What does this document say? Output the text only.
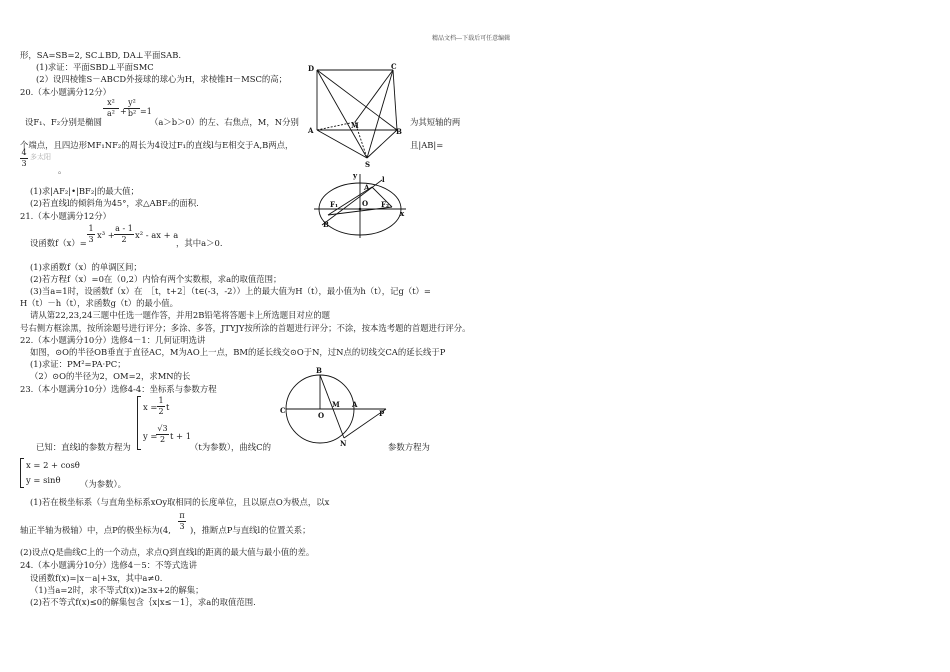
精品文档---下载后可任意编辑
形，SA=SB=2, SC⊥BD, DA⊥平面SAB.
(1)求证：平面SBD⊥平面SMC
(2）设四棱锥S－ABCD外接球的球心为H，求棱锥H－MSC的高；
20.（本小题满分12分）
设F₁、F₂分别是椭圆
x²
a² +
y²
b² =1
（a＞b＞0）的左、右焦点，M，N分别	为其短轴的两
个端点，且四边形MF₁NF₂的周长为4设过F₁的直线l与E相交于A,B两点，	且|AB|=
4
3
多太阳
。
(1)求|AF₂|•|BF₂|的最大值；
(2)若直线l的倾斜角为45°，求△ABF₂的面积.
21.（本小题满分12分）
设函数f（x）=
1
3 x³ +
a - 1
2	x² - ax + a
，其中a＞0.
(1)求函数f（x）的单调区间；
(2)若方程f（x）=0在（0,2）内恰有两个实数根，求a的取值范围；
(3)当a=1时，设函数f（x）在　［t，t+2］（t∈(-3，-2））上的最大值为H（t），最小值为h（t），记g（t）=
H（t）－h（t），求函数g（t）的最小值。
请从第22,23,24三题中任选一题作答，并用2B铅笔将答题卡上所选题目对应的题
号右侧方框涂黑，按所涂题号进行评分；多涂、多答，JTYJY按所涂的首题进行评分；不涂，按本选考题的首题进行评分。
22.（本小题满分10分）选修4－1：几何证明选讲
如图，⊙O的半径OB垂直于直径AC，M为AO上一点，BM的延长线交⊙O于N，过N点的切线交CA的延长线于P
(1)求证：PM²=PA·PC；
（2）⊙O的半径为2，OM=2，求MN的长
23.（本小题满分10分）选修4-4：坐标系与参数方程
已知：直线l的参数方程为
x =
1
2 t
y =
√3
2 t + 1
（t为参数），曲线C的	参数方程为
x = 2 + cosθ
y = sinθ （为参数）。
(1)若在极坐标系（与直角坐标系xOy取相同的长度单位，且以原点O为极点，以x
轴正半轴为极轴）中，点P的极坐标为(4,
π
3 )，推断点P与直线l的位置关系；
(2)设点Q是曲线C上的一个动点，求点Q到直线l的距离的最大值与最小值的差。
24.（本小题满分10分）选修4－5：不等式选讲
设函数f(x)=|x－a|+3x，其中a≠0.
（1)当a=2时，求不等式f(x))≥3x+2的解集；
(2)若不等式f(x)≤0的解集包含｛x|x≤－1｝，求a的取值范围.
D	C
A	B
M
S
y	l
A
F₁	O F₂
B
x
B
C
O
M A
P
N
